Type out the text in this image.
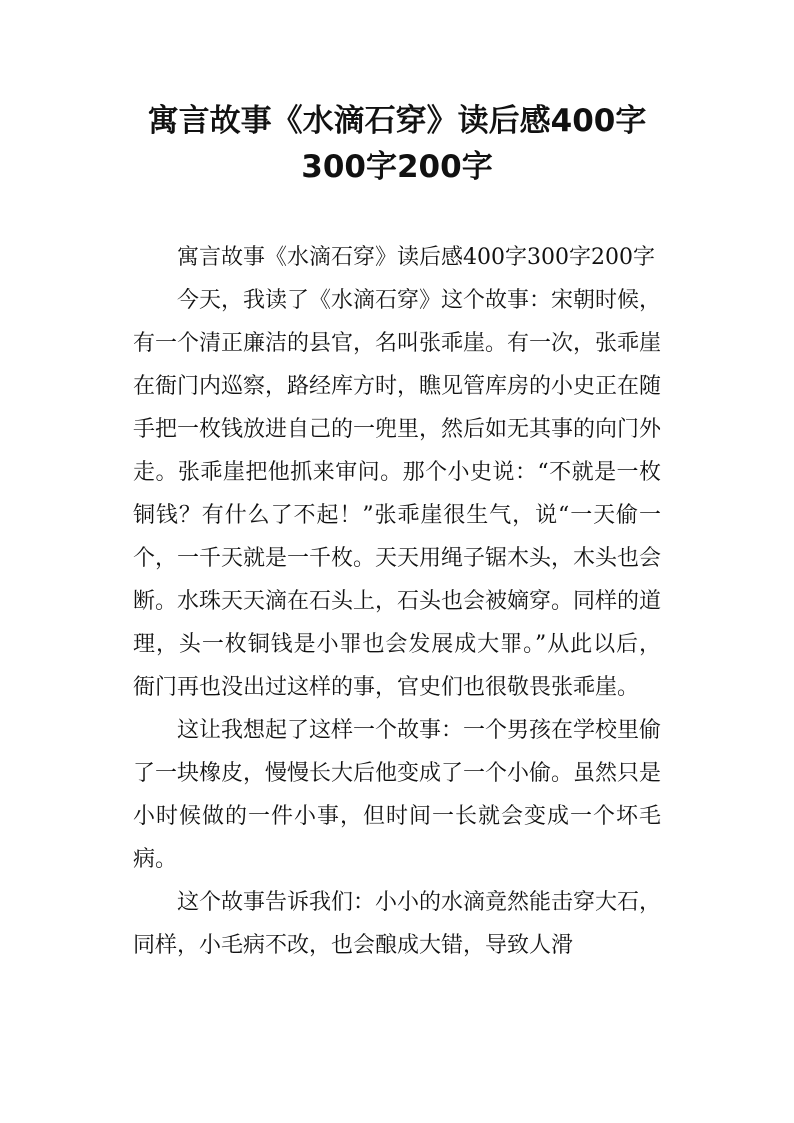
寓言故事《水滴石穿》读后感400字300字200字

寓言故事《水滴石穿》读后感400字300字200字

今天，我读了《水滴石穿》这个故事：宋朝时候，有一个清正廉洁的县官，名叫张乖崖。有一次，张乖崖在衙门内巡察，路经库方时，瞧见管库房的小史正在随手把一枚钱放进自己的一兜里，然后如无其事的向门外走。张乖崖把他抓来审问。那个小史说：“不就是一枚铜钱？有什么了不起！”张乖崖很生气，说“一天偷一个，一千天就是一千枚。天天用绳子锯木头，木头也会断。水珠天天滴在石头上，石头也会被嫡穿。同样的道理，头一枚铜钱是小罪也会发展成大罪。”从此以后，衙门再也没出过这样的事，官史们也很敬畏张乖崖。

这让我想起了这样一个故事：一个男孩在学校里偷了一块橡皮，慢慢长大后他变成了一个小偷。虽然只是小时候做的一件小事，但时间一长就会变成一个坏毛病。

这个故事告诉我们：小小的水滴竟然能击穿大石，同样，小毛病不改，也会酿成大错，导致人滑
